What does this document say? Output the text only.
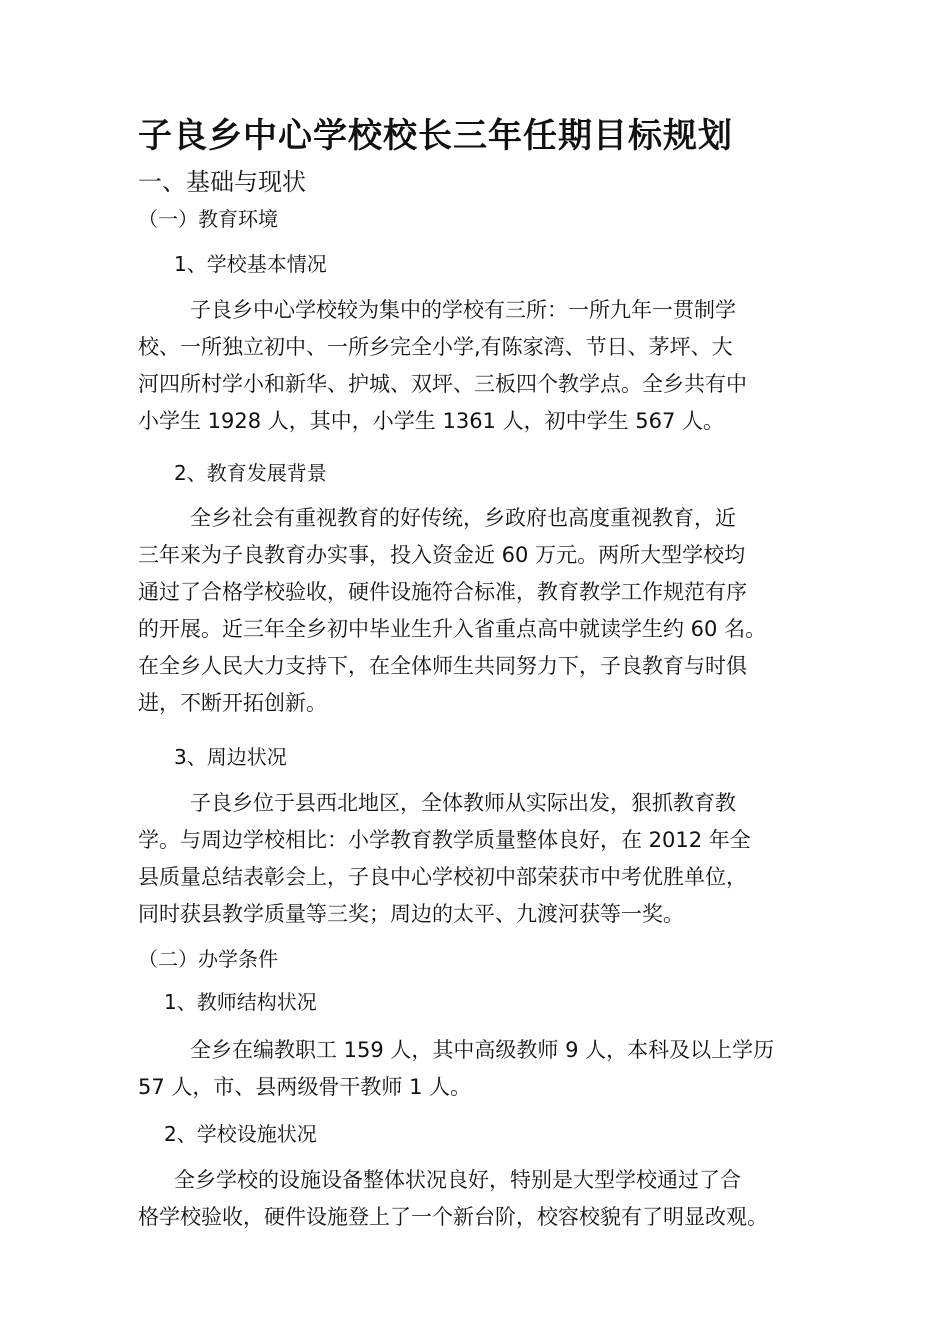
子良乡中心学校校长三年任期目标规划
一、基础与现状
（一）教育环境
1、学校基本情况
子良乡中心学校较为集中的学校有三所：一所九年一贯制学
校、一所独立初中、一所乡完全小学,有陈家湾、节日、茅坪、大
河四所村学小和新华、护城、双坪、三板四个教学点。全乡共有中
小学生 1928 人，其中，小学生 1361 人，初中学生 567 人。
2、教育发展背景
全乡社会有重视教育的好传统，乡政府也高度重视教育，近
三年来为子良教育办实事，投入资金近 60 万元。两所大型学校均
通过了合格学校验收，硬件设施符合标准，教育教学工作规范有序
的开展。近三年全乡初中毕业生升入省重点高中就读学生约 60 名。
在全乡人民大力支持下，在全体师生共同努力下，子良教育与时俱
进，不断开拓创新。
3、周边状况
子良乡位于县西北地区，全体教师从实际出发，狠抓教育教
学。与周边学校相比：小学教育教学质量整体良好，在 2012 年全
县质量总结表彰会上，子良中心学校初中部荣获市中考优胜单位，
同时获县教学质量等三奖；周边的太平、九渡河获等一奖。
（二）办学条件
1、教师结构状况
全乡在编教职工 159 人，其中高级教师 9 人，本科及以上学历
57 人，市、县两级骨干教师 1 人。
2、学校设施状况
全乡学校的设施设备整体状况良好，特别是大型学校通过了合
格学校验收，硬件设施登上了一个新台阶，校容校貌有了明显改观。
